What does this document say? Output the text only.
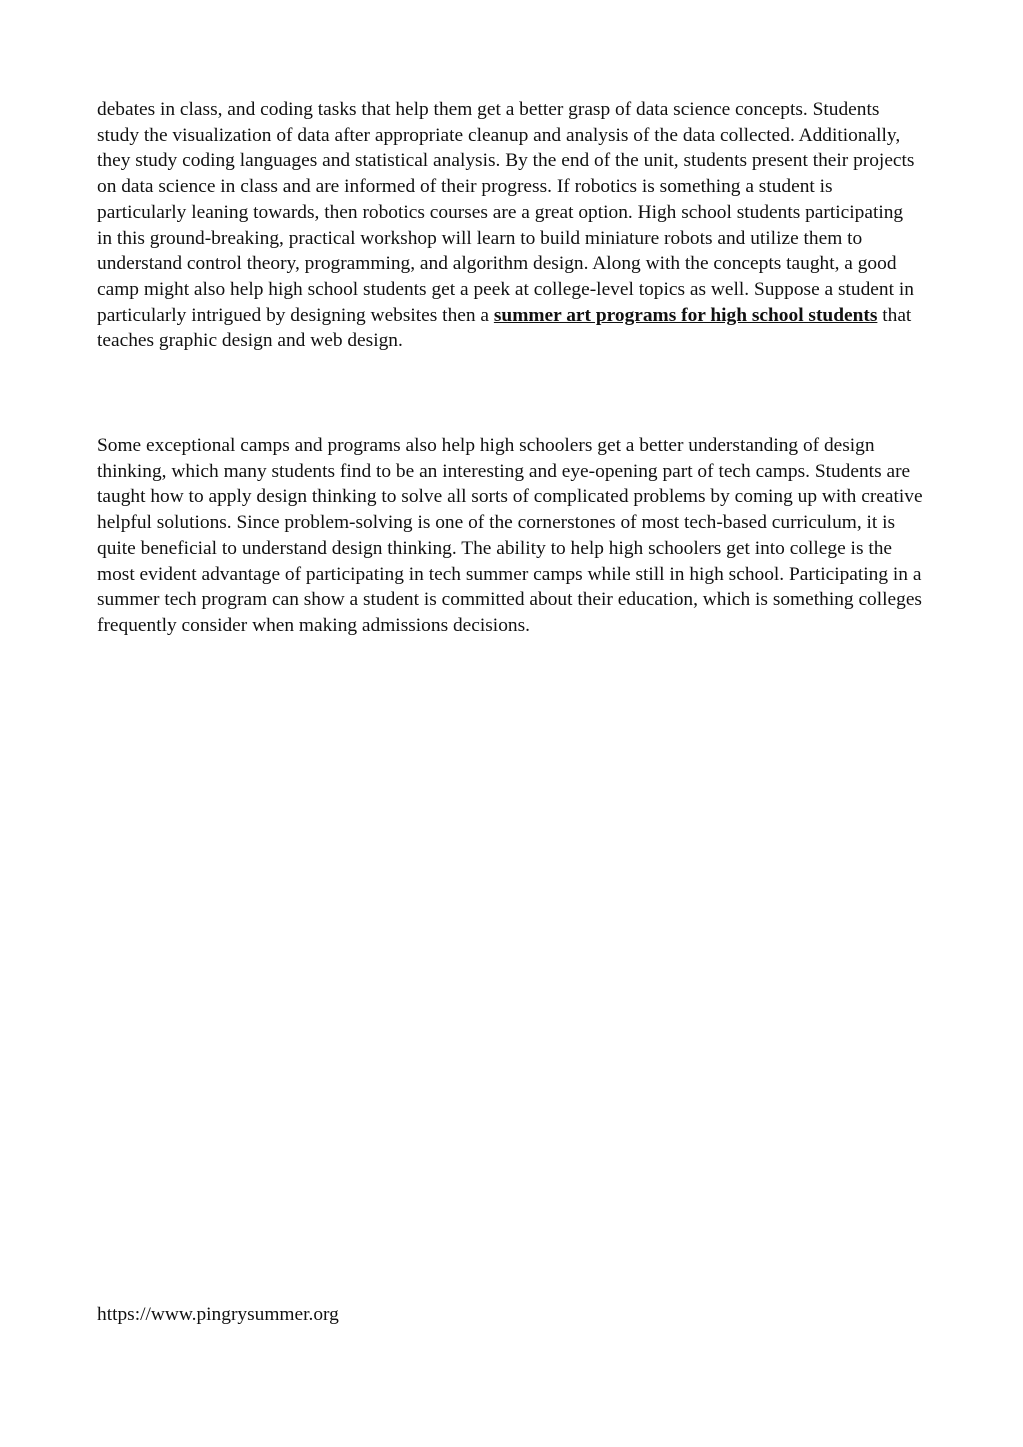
debates in class, and coding tasks that help them get a better grasp of data science concepts. Students study the visualization of data after appropriate cleanup and analysis of the data collected. Additionally, they study coding languages and statistical analysis. By the end of the unit, students present their projects on data science in class and are informed of their progress. If robotics is something a student is particularly leaning towards, then robotics courses are a great option. High school students participating in this ground-breaking, practical workshop will learn to build miniature robots and utilize them to understand control theory, programming, and algorithm design. Along with the concepts taught, a good camp might also help high school students get a peek at college-level topics as well. Suppose a student in particularly intrigued by designing websites then a summer art programs for high school students that teaches graphic design and web design.

Some exceptional camps and programs also help high schoolers get a better understanding of design thinking, which many students find to be an interesting and eye-opening part of tech camps. Students are taught how to apply design thinking to solve all sorts of complicated problems by coming up with creative helpful solutions. Since problem-solving is one of the cornerstones of most tech-based curriculum, it is quite beneficial to understand design thinking. The ability to help high schoolers get into college is the most evident advantage of participating in tech summer camps while still in high school. Participating in a summer tech program can show a student is committed about their education, which is something colleges frequently consider when making admissions decisions.

https://www.pingrysummer.org
